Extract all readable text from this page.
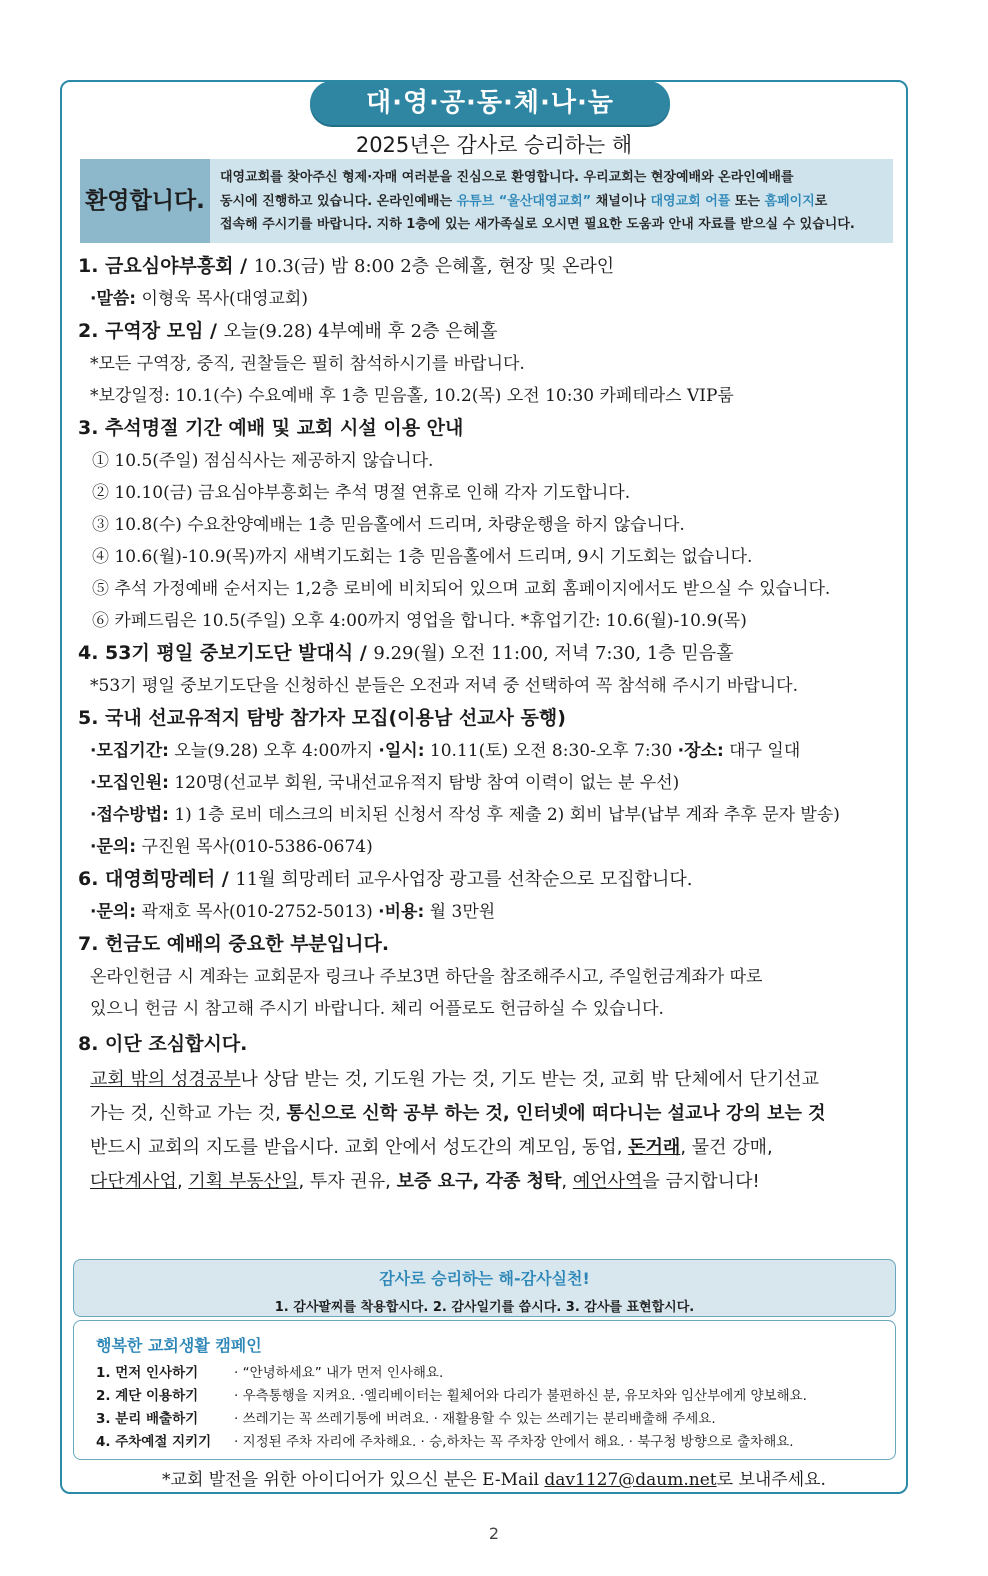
대·영·공·동·체·나·눔
2025년은 감사로 승리하는 해
환영합니다.
대영교회를 찾아주신 형제·자매 여러분을 진심으로 환영합니다. 우리교회는 현장예배와 온라인예배를
동시에 진행하고 있습니다. 온라인예배는 유튜브 “울산대영교회” 채널이나 대영교회 어플 또는 홈페이지로
접속해 주시기를 바랍니다. 지하 1층에 있는 새가족실로 오시면 필요한 도움과 안내 자료를 받으실 수 있습니다.
1. 금요심야부흥회 / 10.3(금) 밤 8:00 2층 은혜홀, 현장 및 온라인
·말씀: 이형욱 목사(대영교회)
2. 구역장 모임 / 오늘(9.28) 4부예배 후 2층 은혜홀
*모든 구역장, 중직, 권찰들은 필히 참석하시기를 바랍니다.
*보강일정: 10.1(수) 수요예배 후 1층 믿음홀, 10.2(목) 오전 10:30 카페테라스 VIP룸
3. 추석명절 기간 예배 및 교회 시설 이용 안내
① 10.5(주일) 점심식사는 제공하지 않습니다.
② 10.10(금) 금요심야부흥회는 추석 명절 연휴로 인해 각자 기도합니다.
③ 10.8(수) 수요찬양예배는 1층 믿음홀에서 드리며, 차량운행을 하지 않습니다.
④ 10.6(월)-10.9(목)까지 새벽기도회는 1층 믿음홀에서 드리며, 9시 기도회는 없습니다.
⑤ 추석 가정예배 순서지는 1,2층 로비에 비치되어 있으며 교회 홈페이지에서도 받으실 수 있습니다.
⑥ 카페드림은 10.5(주일) 오후 4:00까지 영업을 합니다. *휴업기간: 10.6(월)-10.9(목)
4. 53기 평일 중보기도단 발대식 / 9.29(월) 오전 11:00, 저녁 7:30, 1층 믿음홀
*53기 평일 중보기도단을 신청하신 분들은 오전과 저녁 중 선택하여 꼭 참석해 주시기 바랍니다.
5. 국내 선교유적지 탐방 참가자 모집(이용남 선교사 동행)
·모집기간: 오늘(9.28) 오후 4:00까지 ·일시: 10.11(토) 오전 8:30-오후 7:30 ·장소: 대구 일대
·모집인원: 120명(선교부 회원, 국내선교유적지 탐방 참여 이력이 없는 분 우선)
·접수방법: 1) 1층 로비 데스크의 비치된 신청서 작성 후 제출 2) 회비 납부(납부 계좌 추후 문자 발송)
·문의: 구진원 목사(010-5386-0674)
6. 대영희망레터 / 11월 희망레터 교우사업장 광고를 선착순으로 모집합니다.
·문의: 곽재호 목사(010-2752-5013) ·비용: 월 3만원
7. 헌금도 예배의 중요한 부분입니다.
온라인헌금 시 계좌는 교회문자 링크나 주보3면 하단을 참조해주시고, 주일헌금계좌가 따로
있으니 헌금 시 참고해 주시기 바랍니다. 체리 어플로도 헌금하실 수 있습니다.
8. 이단 조심합시다.
교회 밖의 성경공부나 상담 받는 것, 기도원 가는 것, 기도 받는 것, 교회 밖 단체에서 단기선교
가는 것, 신학교 가는 것, 통신으로 신학 공부 하는 것, 인터넷에 떠다니는 설교나 강의 보는 것
반드시 교회의 지도를 받읍시다. 교회 안에서 성도간의 계모임, 동업, 돈거래, 물건 강매,
다단계사업, 기획 부동산일, 투자 권유, 보증 요구, 각종 청탁, 예언사역을 금지합니다!
감사로 승리하는 해-감사실천!
1. 감사팔찌를 착용합시다. 2. 감사일기를 씁시다. 3. 감사를 표현합시다.
행복한 교회생활 캠페인
1. 먼저 인사하기	· “안녕하세요” 내가 먼저 인사해요.
2. 계단 이용하기	· 우측통행을 지켜요. ·엘리베이터는 휠체어와 다리가 불편하신 분, 유모차와 임산부에게 양보해요.
3. 분리 배출하기	· 쓰레기는 꼭 쓰레기통에 버려요. · 재활용할 수 있는 쓰레기는 분리배출해 주세요.
4. 주차예절 지키기 · 지정된 주차 자리에 주차해요. · 승,하차는 꼭 주차장 안에서 해요. · 북구청 방향으로 출차해요.
*교회 발전을 위한 아이디어가 있으신 분은 E-Mail dav1127@daum.net로 보내주세요.
2
